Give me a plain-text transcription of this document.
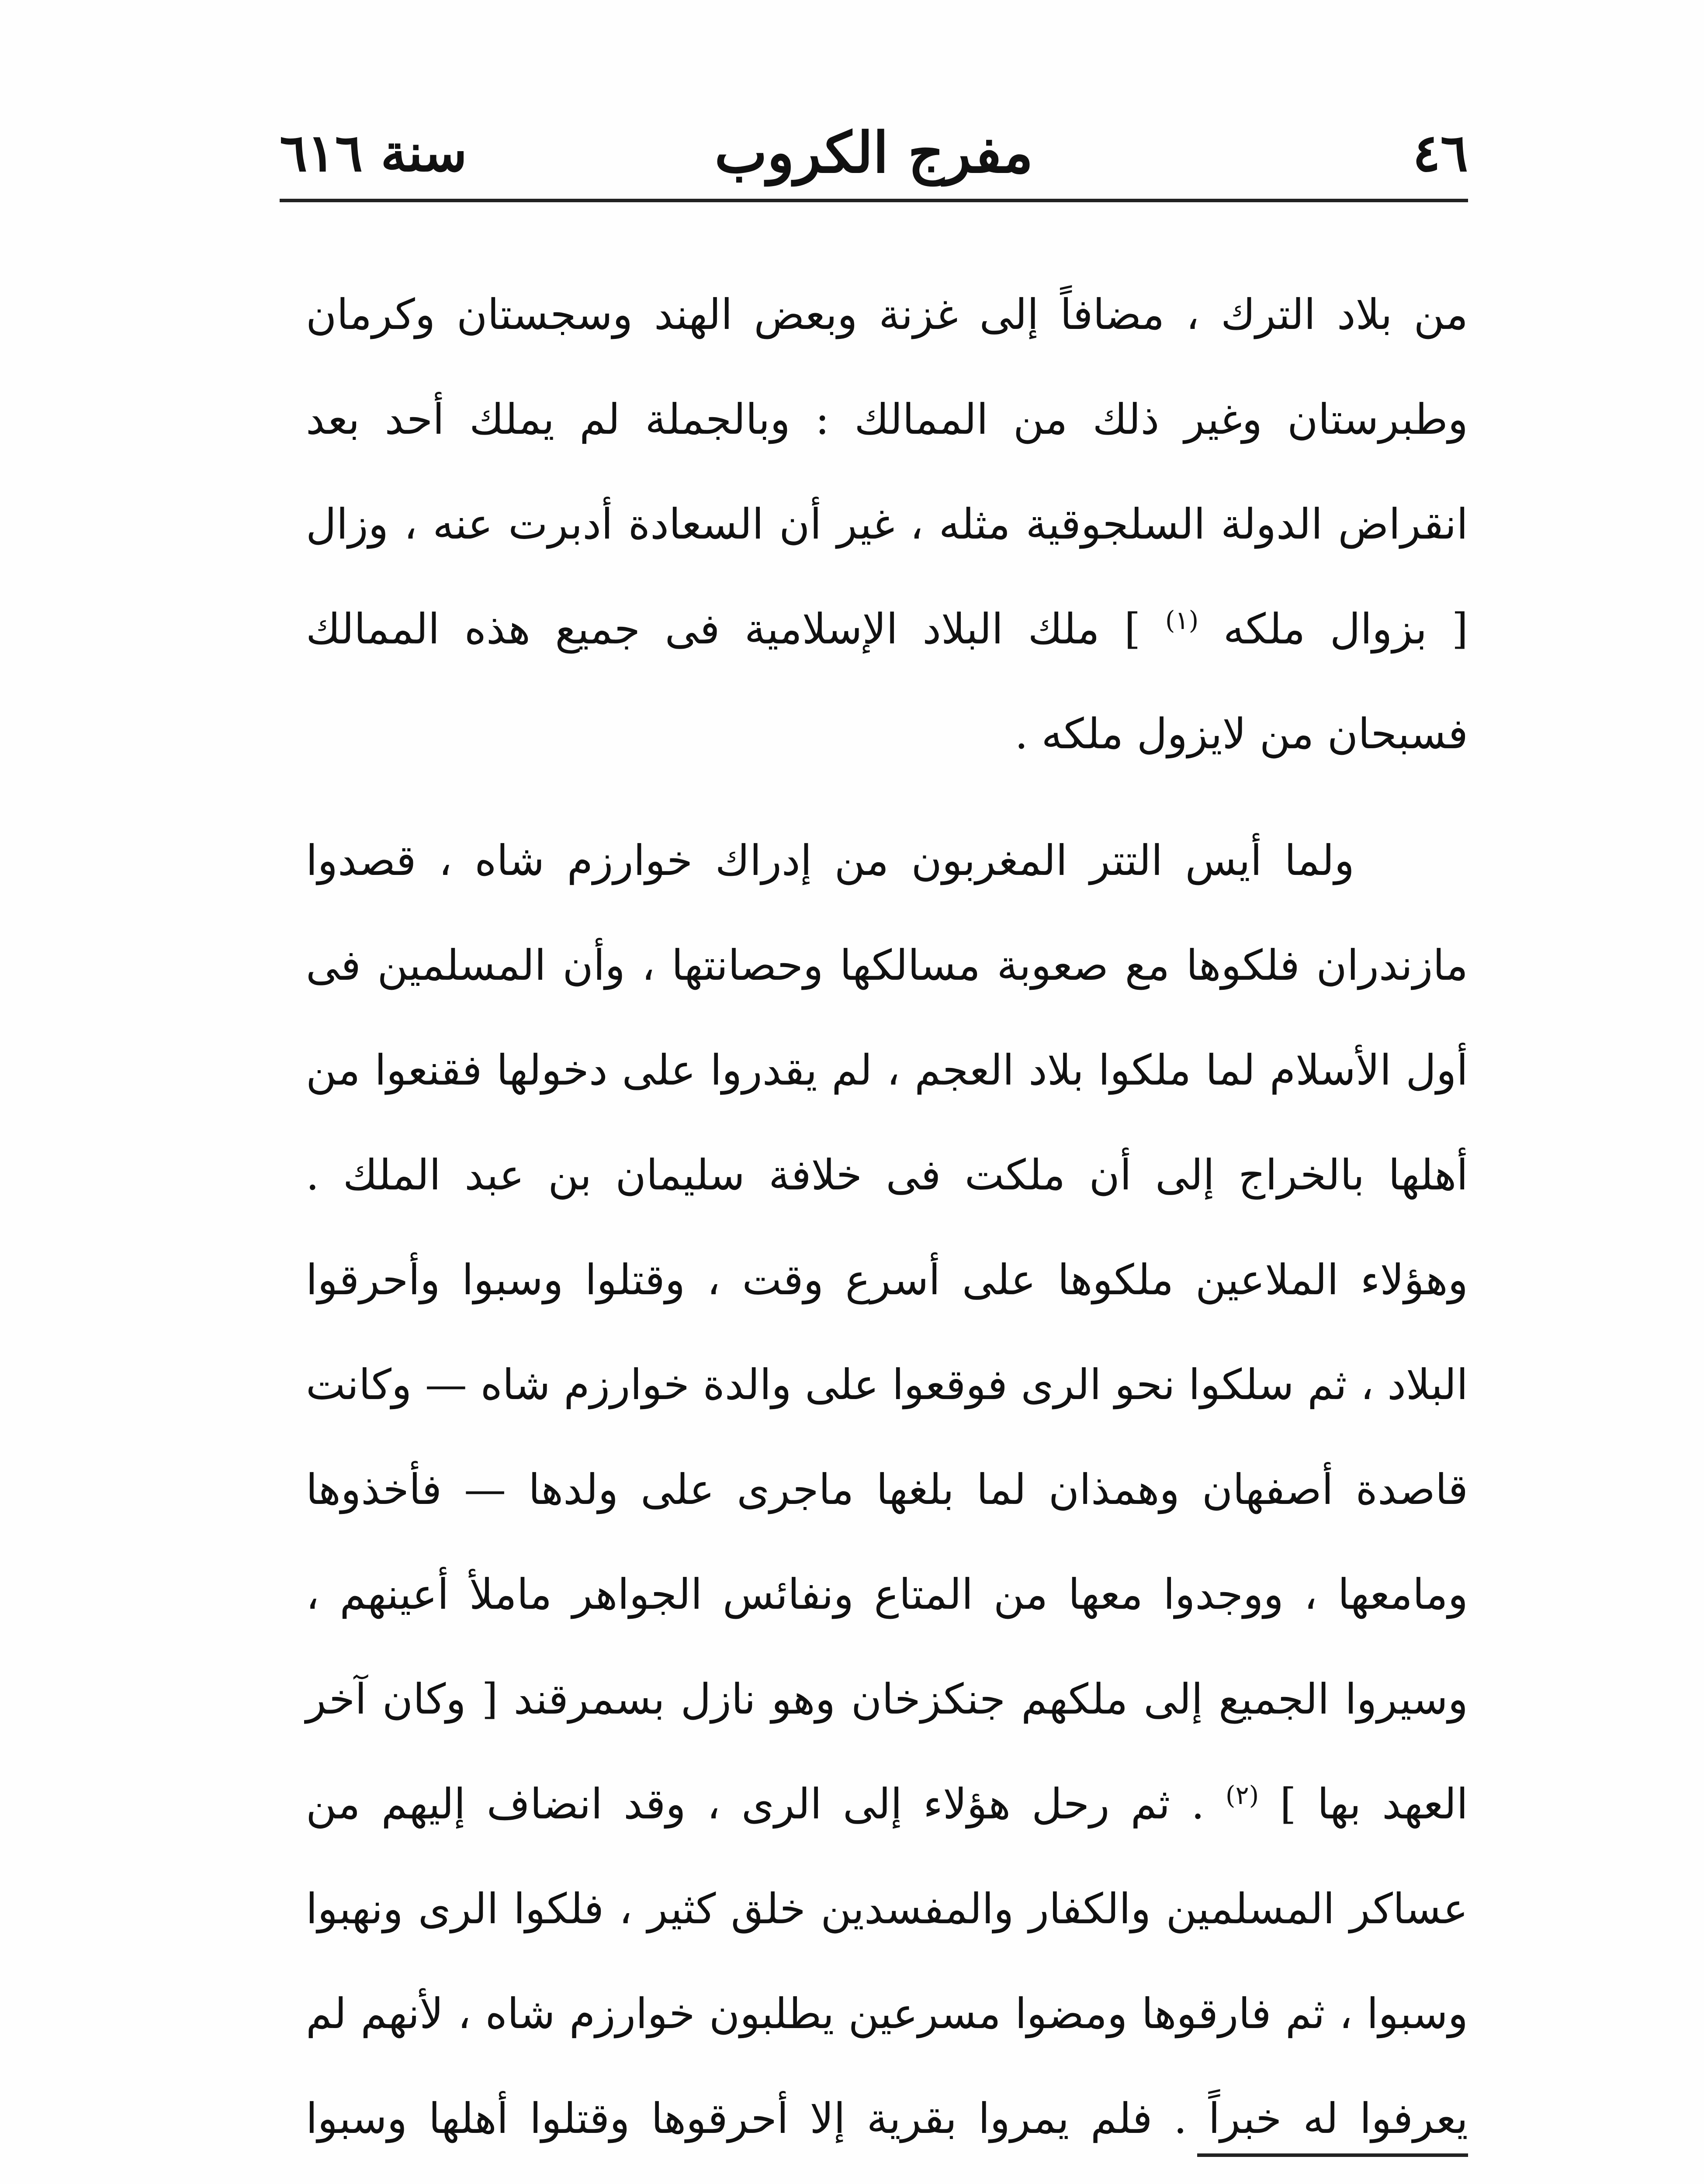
٤٦
مفرج الكروب
سنة ٦١٦

من بلاد الترك ، مضافاً إلى غزنة وبعض الهند وسجستان وكرمان وطبرستان وغير ذلك من الممالك : وبالجملة لم يملك أحد بعد انقراض الدولة السلجوقية مثله ، غير أن السعادة أدبرت عنه ، وزال [ بزوال ملكه $^{(١)}$ ] ملك البلاد الإسلامية فى جميع هذه الممالك فسبحان من لايزول ملكه .

ولما أيس التتر المغربون من إدراك خوارزم شاه ، قصدوا مازندران فلكوها مع صعوبة مسالكها وحصانتها ، وأن المسلمين فى أول الأسلام لما ملكوا بلاد العجم ، لم يقدروا على دخولها فقنعوا من أهلها بالخراج إلى أن ملكت فى خلافة سليمان بن عبد الملك . وهؤلاء الملاعين ملكوها على أسرع وقت ، وقتلوا وسبوا وأحرقوا البلاد ، ثم سلكوا نحو الرى فوقعوا على والدة خوارزم شاه — وكانت قاصدة أصفهان وهمذان لما بلغها ماجرى على ولدها — فأخذوها ومامعها ، ووجدوا معها من المتاع ونفائس الجواهر ماملأ أعينهم ، وسيروا الجميع إلى ملكهم جنكزخان وهو نازل بسمرقند [ وكان آخر العهد بها ] $^{(٢)}$ . ثم رحل هؤلاء إلى الرى ، وقد انضاف إليهم من عساكر المسلمين والكفار والمفسدين خلق كثير ، فلكوا الرى ونهبوا وسبوا ، ثم فارقوها ومضوا مسرعين يطلبون خوارزم شاه ، لأنهم لم يعرفوا له خبراً . فلم يمروا بقرية إلا أحرقوها وقتلوا أهلها وسبوا
